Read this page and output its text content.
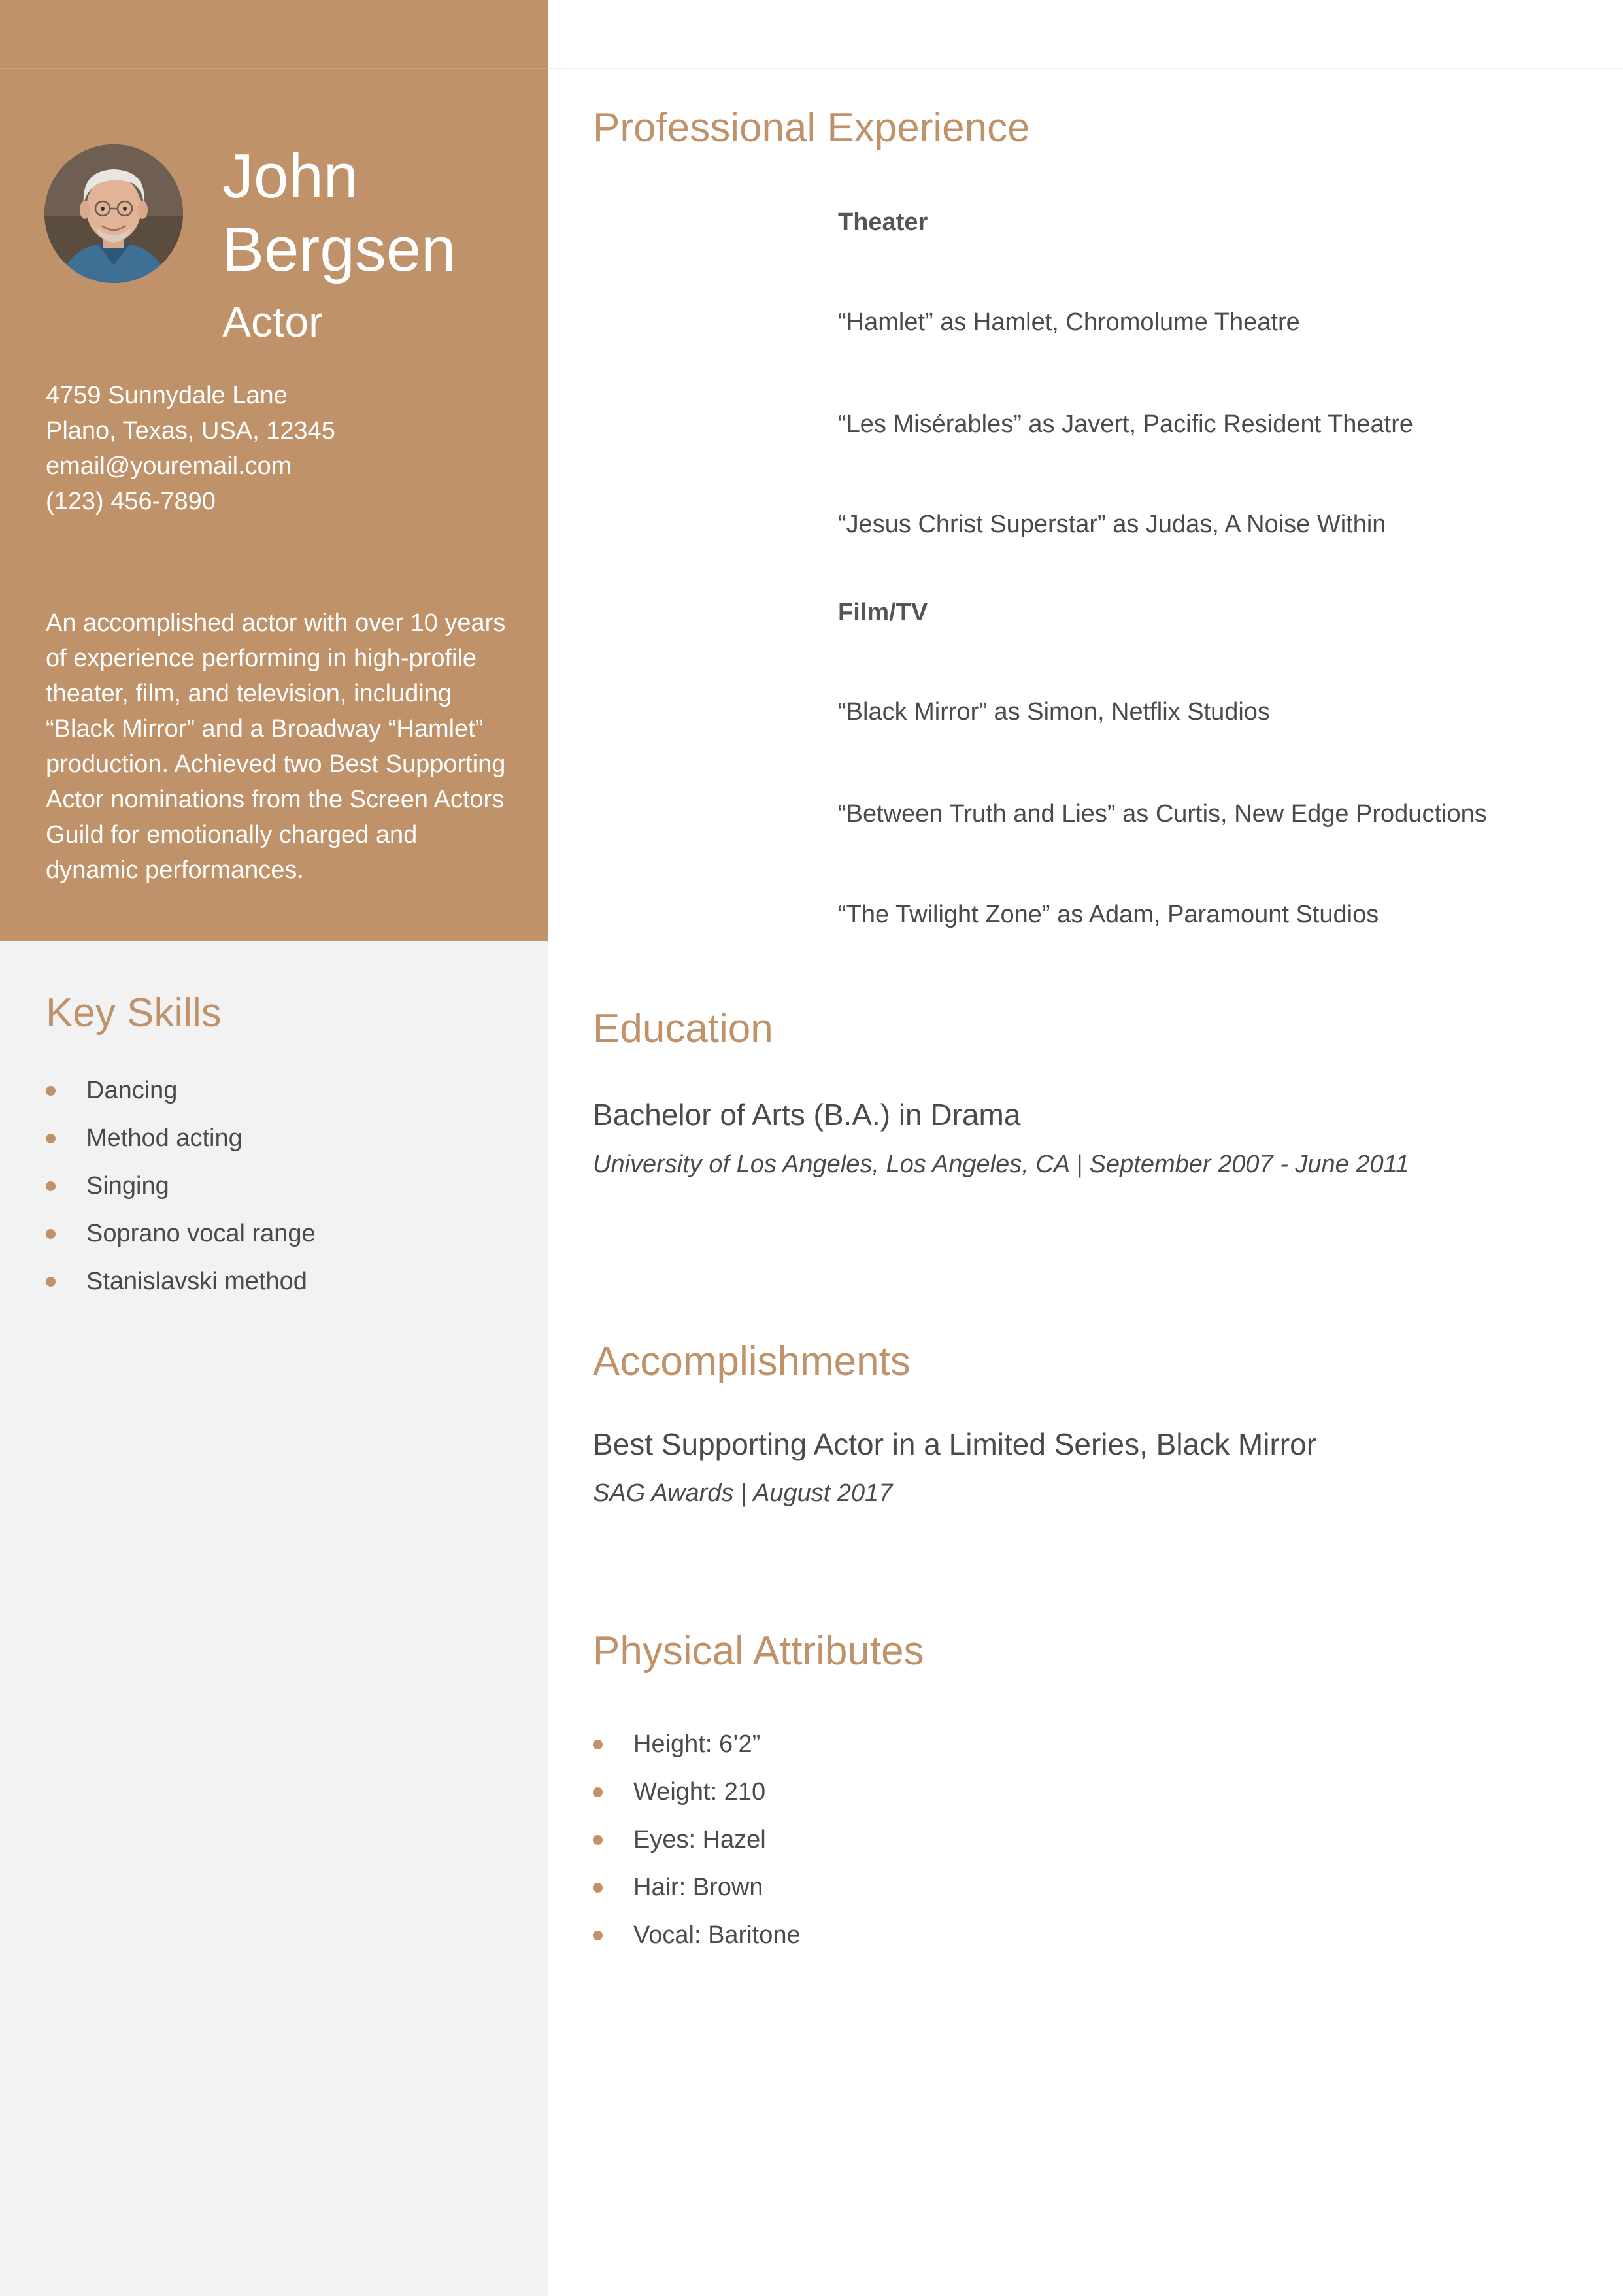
John
Bergsen
Actor
4759 Sunnydale Lane
Plano, Texas, USA, 12345
email@youremail.com
(123) 456-7890
An accomplished actor with over 10 years of experience performing in high-profile theater, film, and television, including “Black Mirror” and a Broadway “Hamlet” production. Achieved two Best Supporting Actor nominations from the Screen Actors Guild for emotionally charged and dynamic performances.
Key Skills
Dancing
Method acting
Singing
Soprano vocal range
Stanislavski method
Professional Experience
Theater
“Hamlet” as Hamlet, Chromolume Theatre
“Les Misérables” as Javert, Pacific Resident Theatre
“Jesus Christ Superstar” as Judas, A Noise Within
Film/TV
“Black Mirror” as Simon, Netflix Studios
“Between Truth and Lies” as Curtis, New Edge Productions
“The Twilight Zone” as Adam, Paramount Studios
Education
Bachelor of Arts (B.A.) in Drama
University of Los Angeles, Los Angeles, CA | September 2007 - June 2011
Accomplishments
Best Supporting Actor in a Limited Series, Black Mirror
SAG Awards | August 2017
Physical Attributes
Height: 6’2”
Weight: 210
Eyes: Hazel
Hair: Brown
Vocal: Baritone
